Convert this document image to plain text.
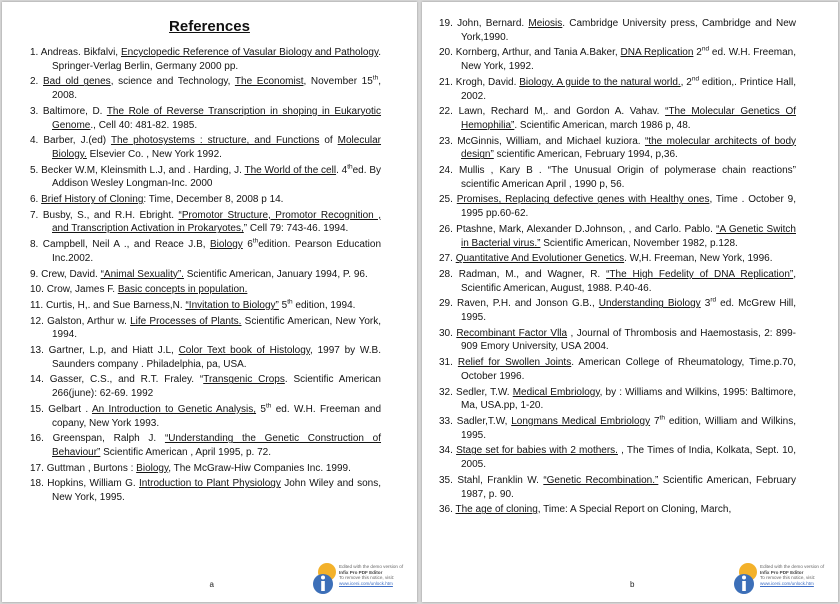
References
1. Andreas. Bikfalvi, Encyclopedic Reference of Vasular Biology and Pathology. Springer-Verlag Berlin, Germany 2000 pp.
2. Bad old genes, science and Technology, The Economist, November 15th, 2008.
3. Baltimore, D. The Role of Reverse Transcription in shoping in Eukaryotic Genome., Cell 40: 481-82. 1985.
4. Barber, J.(ed) The photosystems : structure, and Functions of Molecular Biology. Elsevier Co. , New York 1992.
5. Becker W.M, Kleinsmith L.J, and . Harding, J. The World of the cell. 4thed. By Addison Wesley Longman-Inc. 2000
6. Brief History of Cloning: Time, December 8, 2008 p 14.
7. Busby, S., and R.H. Ebright. “Promotor Structure, Promotor Recognition , and Transcription Activation in Prokaryotes,” Cell 79: 743-46. 1994.
8. Campbell, Neil A ., and Reace J.B, Biology 6thedition. Pearson Education Inc.2002.
9. Crew, David. “Animal Sexuality”. Scientific American, January 1994, P. 96.
10. Crow, James F. Basic concepts in population.
11. Curtis, H,. and Sue Barness,N. “Invitation to Biology” 5th edition, 1994.
12. Galston, Arthur w. Life Processes of Plants. Scientific American, New York, 1994.
13. Gartner, L.p, and Hiatt J.L, Color Text book of Histology, 1997 by W.B. Saunders company . Philadelphia, pa, USA.
14. Gasser, C.S., and R.T. Fraley. “Transgenic Crops. Scientific American 266(june): 62-69. 1992
15. Gelbart . An Introduction to Genetic Analysis, 5th ed. W.H. Freeman and copany, New York 1993.
16. Greenspan, Ralph J. “Understanding the Genetic Construction of Behaviour” Scientific American , April 1995, p. 72.
17. Guttman , Burtons : Biology, The McGraw-Hiw Companies Inc. 1999.
18. Hopkins, William G. Introduction to Plant Physiology John Wiley and sons, New York, 1995.
a
Edited with the demo version of
Infix Pro PDF Editor
To remove this notice, visit:
www.iceni.com/unlock.htm
19. John, Bernard. Meiosis. Cambridge University press, Cambridge and New York,1990.
20. Kornberg, Arthur, and Tania A.Baker, DNA Replication 2nd ed. W.H. Freeman, New York, 1992.
21. Krogh, David. Biology. A guide to the natural world., 2nd edition,. Printice Hall, 2002.
22. Lawn, Rechard M,. and Gordon A. Vahav. “The Molecular Genetics Of Hemophilia”. Scientific American, march 1986 p, 48.
23. McGinnis, William, and Michael kuziora. “the molecular architects of body design” scientific American, February 1994, p,36.
24. Mullis , Kary B . “The Unusual Origin of polymerase chain reactions” scientific American April , 1990 p, 56.
25. Promises, Replacing defective genes with Healthy ones, Time . October 9, 1995 pp.60-62.
26. Ptashne, Mark, Alexander D.Johnson, , and Carlo. Pablo. “A Genetic Switch in Bacterial virus.” Scientific American, November 1982, p.128.
27. Quantitative And Evolutioner Genetics. W,H. Freeman, New York, 1996.
28. Radman, M., and Wagner, R. “The High Fedelity of DNA Replication”, Scientific American, August, 1988. P.40-46.
29. Raven, P.H. and Jonson G.B., Understanding Biology 3rd ed. McGrew Hill, 1995.
30. Recombinant Factor Vlla , Journal of Thrombosis and Haemostasis, 2: 899-909 Emory University, USA 2004.
31. Relief for Swollen Joints. American College of Rheumatology, Time.p.70, October 1996.
32. Sedler, T.W. Medical Embriology, by : Williams and Wilkins, 1995: Baltimore, Ma, USA.pp, 1-20.
33. Sadler,T.W, Longmans Medical Embriology 7th edition, William and Wilkins, 1995.
34. Stage set for babies with 2 mothers. , The Times of India, Kolkata, Sept. 10, 2005.
35. Stahl, Franklin W. “Genetic Recombination.” Scientific American, February 1987, p. 90.
36. The age of cloning, Time: A Special Report on Cloning, March,
b
Edited with the demo version of
Infix Pro PDF Editor
To remove this notice, visit:
www.iceni.com/unlock.htm
